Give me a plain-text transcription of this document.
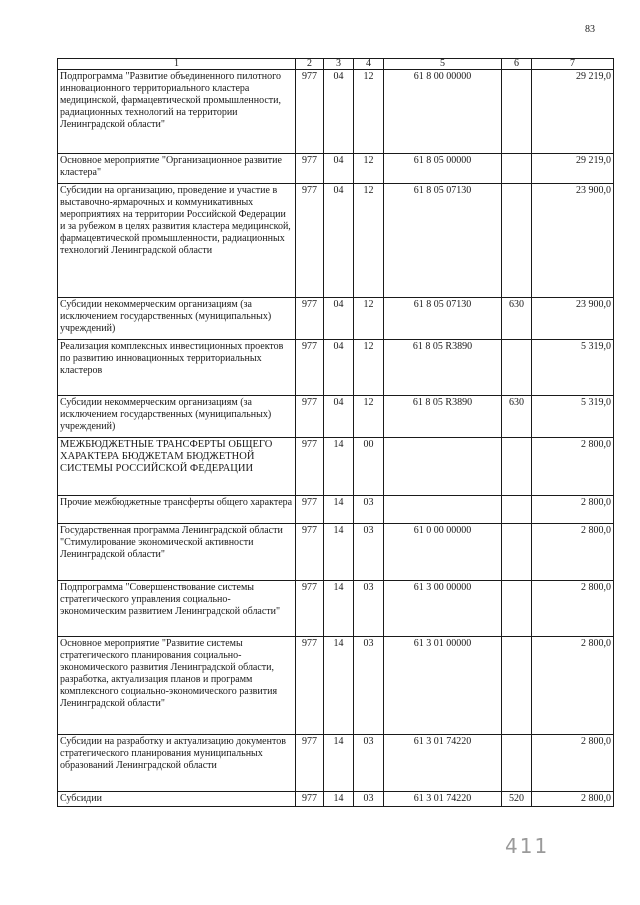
83
1	2	3	4	5	6	7
Подпрограмма "Развитие объединенного пилотного инновационного территориального кластера медицинской, фармацевтической промышленности, радиационных технологий на территории Ленинградской области"	977	04	12	61 8 00 00000		29 219,0
Основное мероприятие "Организационное развитие кластера"	977	04	12	61 8 05 00000		29 219,0
Субсидии на организацию, проведение и участие в выставочно-ярмарочных и коммуникативных мероприятиях на территории Российской Федерации и за рубежом в целях развития кластера медицинской, фармацевтической промышленности, радиационных технологий Ленинградской области	977	04	12	61 8 05 07130		23 900,0
Субсидии некоммерческим организациям (за исключением государственных (муниципальных) учреждений)	977	04	12	61 8 05 07130	630	23 900,0
Реализация комплексных инвестиционных проектов по развитию инновационных территориальных кластеров	977	04	12	61 8 05 R3890		5 319,0
Субсидии некоммерческим организациям (за исключением государственных (муниципальных) учреждений)	977	04	12	61 8 05 R3890	630	5 319,0
МЕЖБЮДЖЕТНЫЕ ТРАНСФЕРТЫ ОБЩЕГО ХАРАКТЕРА БЮДЖЕТАМ БЮДЖЕТНОЙ СИСТЕМЫ РОССИЙСКОЙ ФЕДЕРАЦИИ	977	14	00			2 800,0
Прочие межбюджетные трансферты общего характера	977	14	03			2 800,0
Государственная программа Ленинградской области "Стимулирование экономической активности Ленинградской области"	977	14	03	61 0 00 00000		2 800,0
Подпрограмма "Совершенствование системы стратегического управления социально-экономическим развитием Ленинградской области"	977	14	03	61 3 00 00000		2 800,0
Основное мероприятие "Развитие системы стратегического планирования социально-экономического развития Ленинградской области, разработка, актуализация планов и программ комплексного социально-экономического развития Ленинградской области"	977	14	03	61 3 01 00000		2 800,0
Субсидии на разработку и актуализацию документов стратегического планирования муниципальных образований Ленинградской области	977	14	03	61 3 01 74220		2 800,0
Субсидии	977	14	03	61 3 01 74220	520	2 800,0
411
